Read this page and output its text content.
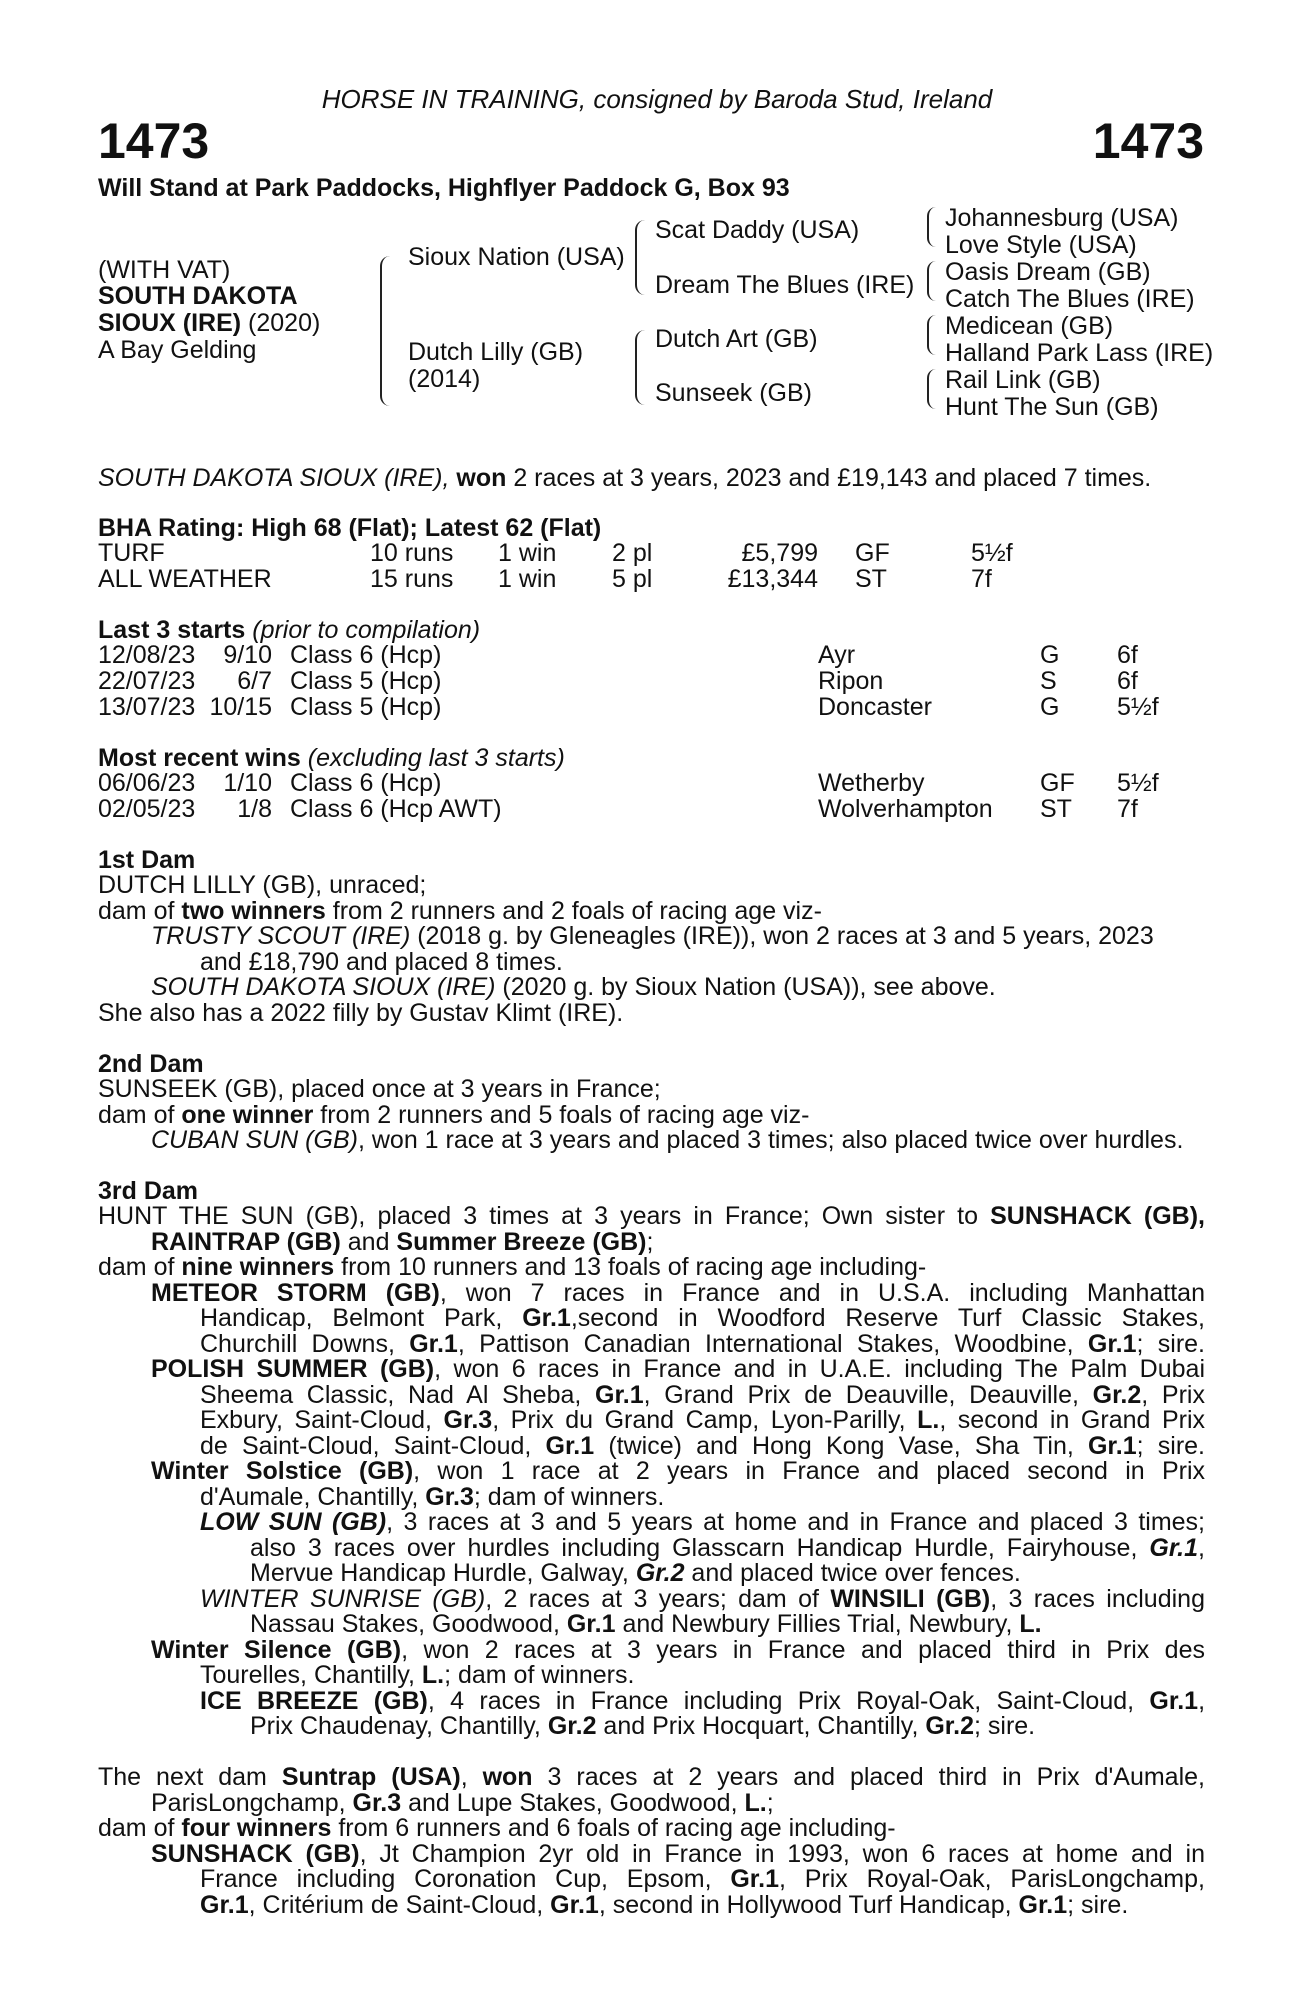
HORSE IN TRAINING, consigned by Baroda Stud, Ireland
1473	1473
Will Stand at Park Paddocks, Highflyer Paddock G, Box 93
(WITH VAT)
SOUTH DAKOTA
SIOUX (IRE) (2020)
A Bay Gelding
Sioux Nation (USA)
Dutch Lilly (GB)
(2014)
Scat Daddy (USA)
Dream The Blues (IRE)
Dutch Art (GB)
Sunseek (GB)
Johannesburg (USA)
Love Style (USA)
Oasis Dream (GB)
Catch The Blues (IRE)
Medicean (GB)
Halland Park Lass (IRE)
Rail Link (GB)
Hunt The Sun (GB)
SOUTH DAKOTA SIOUX (IRE), won 2 races at 3 years, 2023 and £19,143 and placed 7 times.
BHA Rating: High 68 (Flat); Latest 62 (Flat)
TURF	10 runs 1 win 2 pl	£5,799 GF	5½f
ALL WEATHER	15 runs 1 win 5 pl	£13,344 ST	7f
Last 3 starts (prior to compilation)
12/08/23 9/10 Class 6 (Hcp)	Ayr	G 6f
22/07/23 6/7 Class 5 (Hcp)	Ripon	S 6f
13/07/23 10/15 Class 5 (Hcp)	Doncaster	G 5½f
Most recent wins (excluding last 3 starts)
06/06/23 1/10 Class 6 (Hcp)	Wetherby	GF 5½f
02/05/23 1/8 Class 6 (Hcp AWT)	Wolverhampton ST 7f
1st Dam
DUTCH LILLY (GB), unraced;
dam of two winners from 2 runners and 2 foals of racing age viz-
TRUSTY SCOUT (IRE) (2018 g. by Gleneagles (IRE)), won 2 races at 3 and 5 years, 2023
and £18,790 and placed 8 times.
SOUTH DAKOTA SIOUX (IRE) (2020 g. by Sioux Nation (USA)), see above.
She also has a 2022 filly by Gustav Klimt (IRE).
2nd Dam
SUNSEEK (GB), placed once at 3 years in France;
dam of one winner from 2 runners and 5 foals of racing age viz-
CUBAN SUN (GB), won 1 race at 3 years and placed 3 times; also placed twice over hurdles.
3rd Dam
HUNT THE SUN (GB), placed 3 times at 3 years in France; Own sister to SUNSHACK (GB),
RAINTRAP (GB) and Summer Breeze (GB);
dam of nine winners from 10 runners and 13 foals of racing age including-
METEOR STORM (GB), won 7 races in France and in U.S.A. including Manhattan
Handicap, Belmont Park, Gr.1,second in Woodford Reserve Turf Classic Stakes,
Churchill Downs, Gr.1, Pattison Canadian International Stakes, Woodbine, Gr.1; sire.
POLISH SUMMER (GB), won 6 races in France and in U.A.E. including The Palm Dubai
Sheema Classic, Nad Al Sheba, Gr.1, Grand Prix de Deauville, Deauville, Gr.2, Prix
Exbury, Saint-Cloud, Gr.3, Prix du Grand Camp, Lyon-Parilly, L., second in Grand Prix
de Saint-Cloud, Saint-Cloud, Gr.1 (twice) and Hong Kong Vase, Sha Tin, Gr.1; sire.
Winter Solstice (GB), won 1 race at 2 years in France and placed second in Prix
d'Aumale, Chantilly, Gr.3; dam of winners.
LOW SUN (GB), 3 races at 3 and 5 years at home and in France and placed 3 times;
also 3 races over hurdles including Glasscarn Handicap Hurdle, Fairyhouse, Gr.1,
Mervue Handicap Hurdle, Galway, Gr.2 and placed twice over fences.
WINTER SUNRISE (GB), 2 races at 3 years; dam of WINSILI (GB), 3 races including
Nassau Stakes, Goodwood, Gr.1 and Newbury Fillies Trial, Newbury, L.
Winter Silence (GB), won 2 races at 3 years in France and placed third in Prix des
Tourelles, Chantilly, L.; dam of winners.
ICE BREEZE (GB), 4 races in France including Prix Royal-Oak, Saint-Cloud, Gr.1,
Prix Chaudenay, Chantilly, Gr.2 and Prix Hocquart, Chantilly, Gr.2; sire.
The next dam Suntrap (USA), won 3 races at 2 years and placed third in Prix d'Aumale,
ParisLongchamp, Gr.3 and Lupe Stakes, Goodwood, L.;
dam of four winners from 6 runners and 6 foals of racing age including-
SUNSHACK (GB), Jt Champion 2yr old in France in 1993, won 6 races at home and in
France including Coronation Cup, Epsom, Gr.1, Prix Royal-Oak, ParisLongchamp,
Gr.1, Critérium de Saint-Cloud, Gr.1, second in Hollywood Turf Handicap, Gr.1; sire.
